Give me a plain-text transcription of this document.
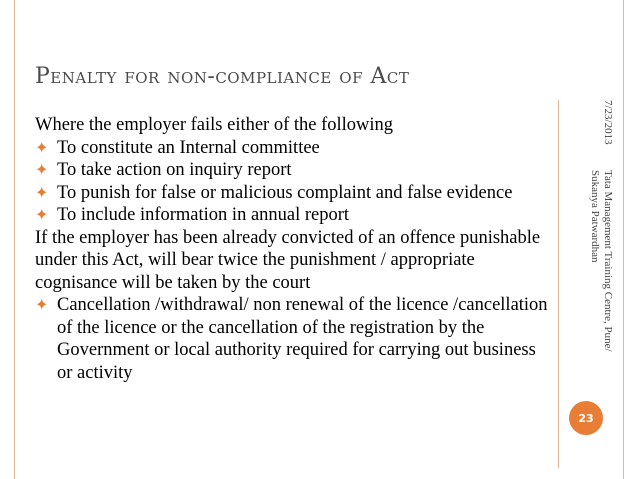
Penalty for non-compliance of Act

Where the employer fails either of the following

✦ To constitute an Internal committee

✦ To take action on inquiry report

✦ To punish for false or malicious complaint and false evidence

✦ To include information in annual report

If the employer has been already convicted of an offence punishable under this Act, will bear twice the punishment / appropriate cognisance will be taken by the court

✦ Cancellation /withdrawal/ non renewal of the licence /cancellation of the licence or the cancellation of the registration by the Government or local authority required for carrying out business or activity

7/23/2013
Tata Management Training Centre, Pune/
Sukanya Patwardhan
23
